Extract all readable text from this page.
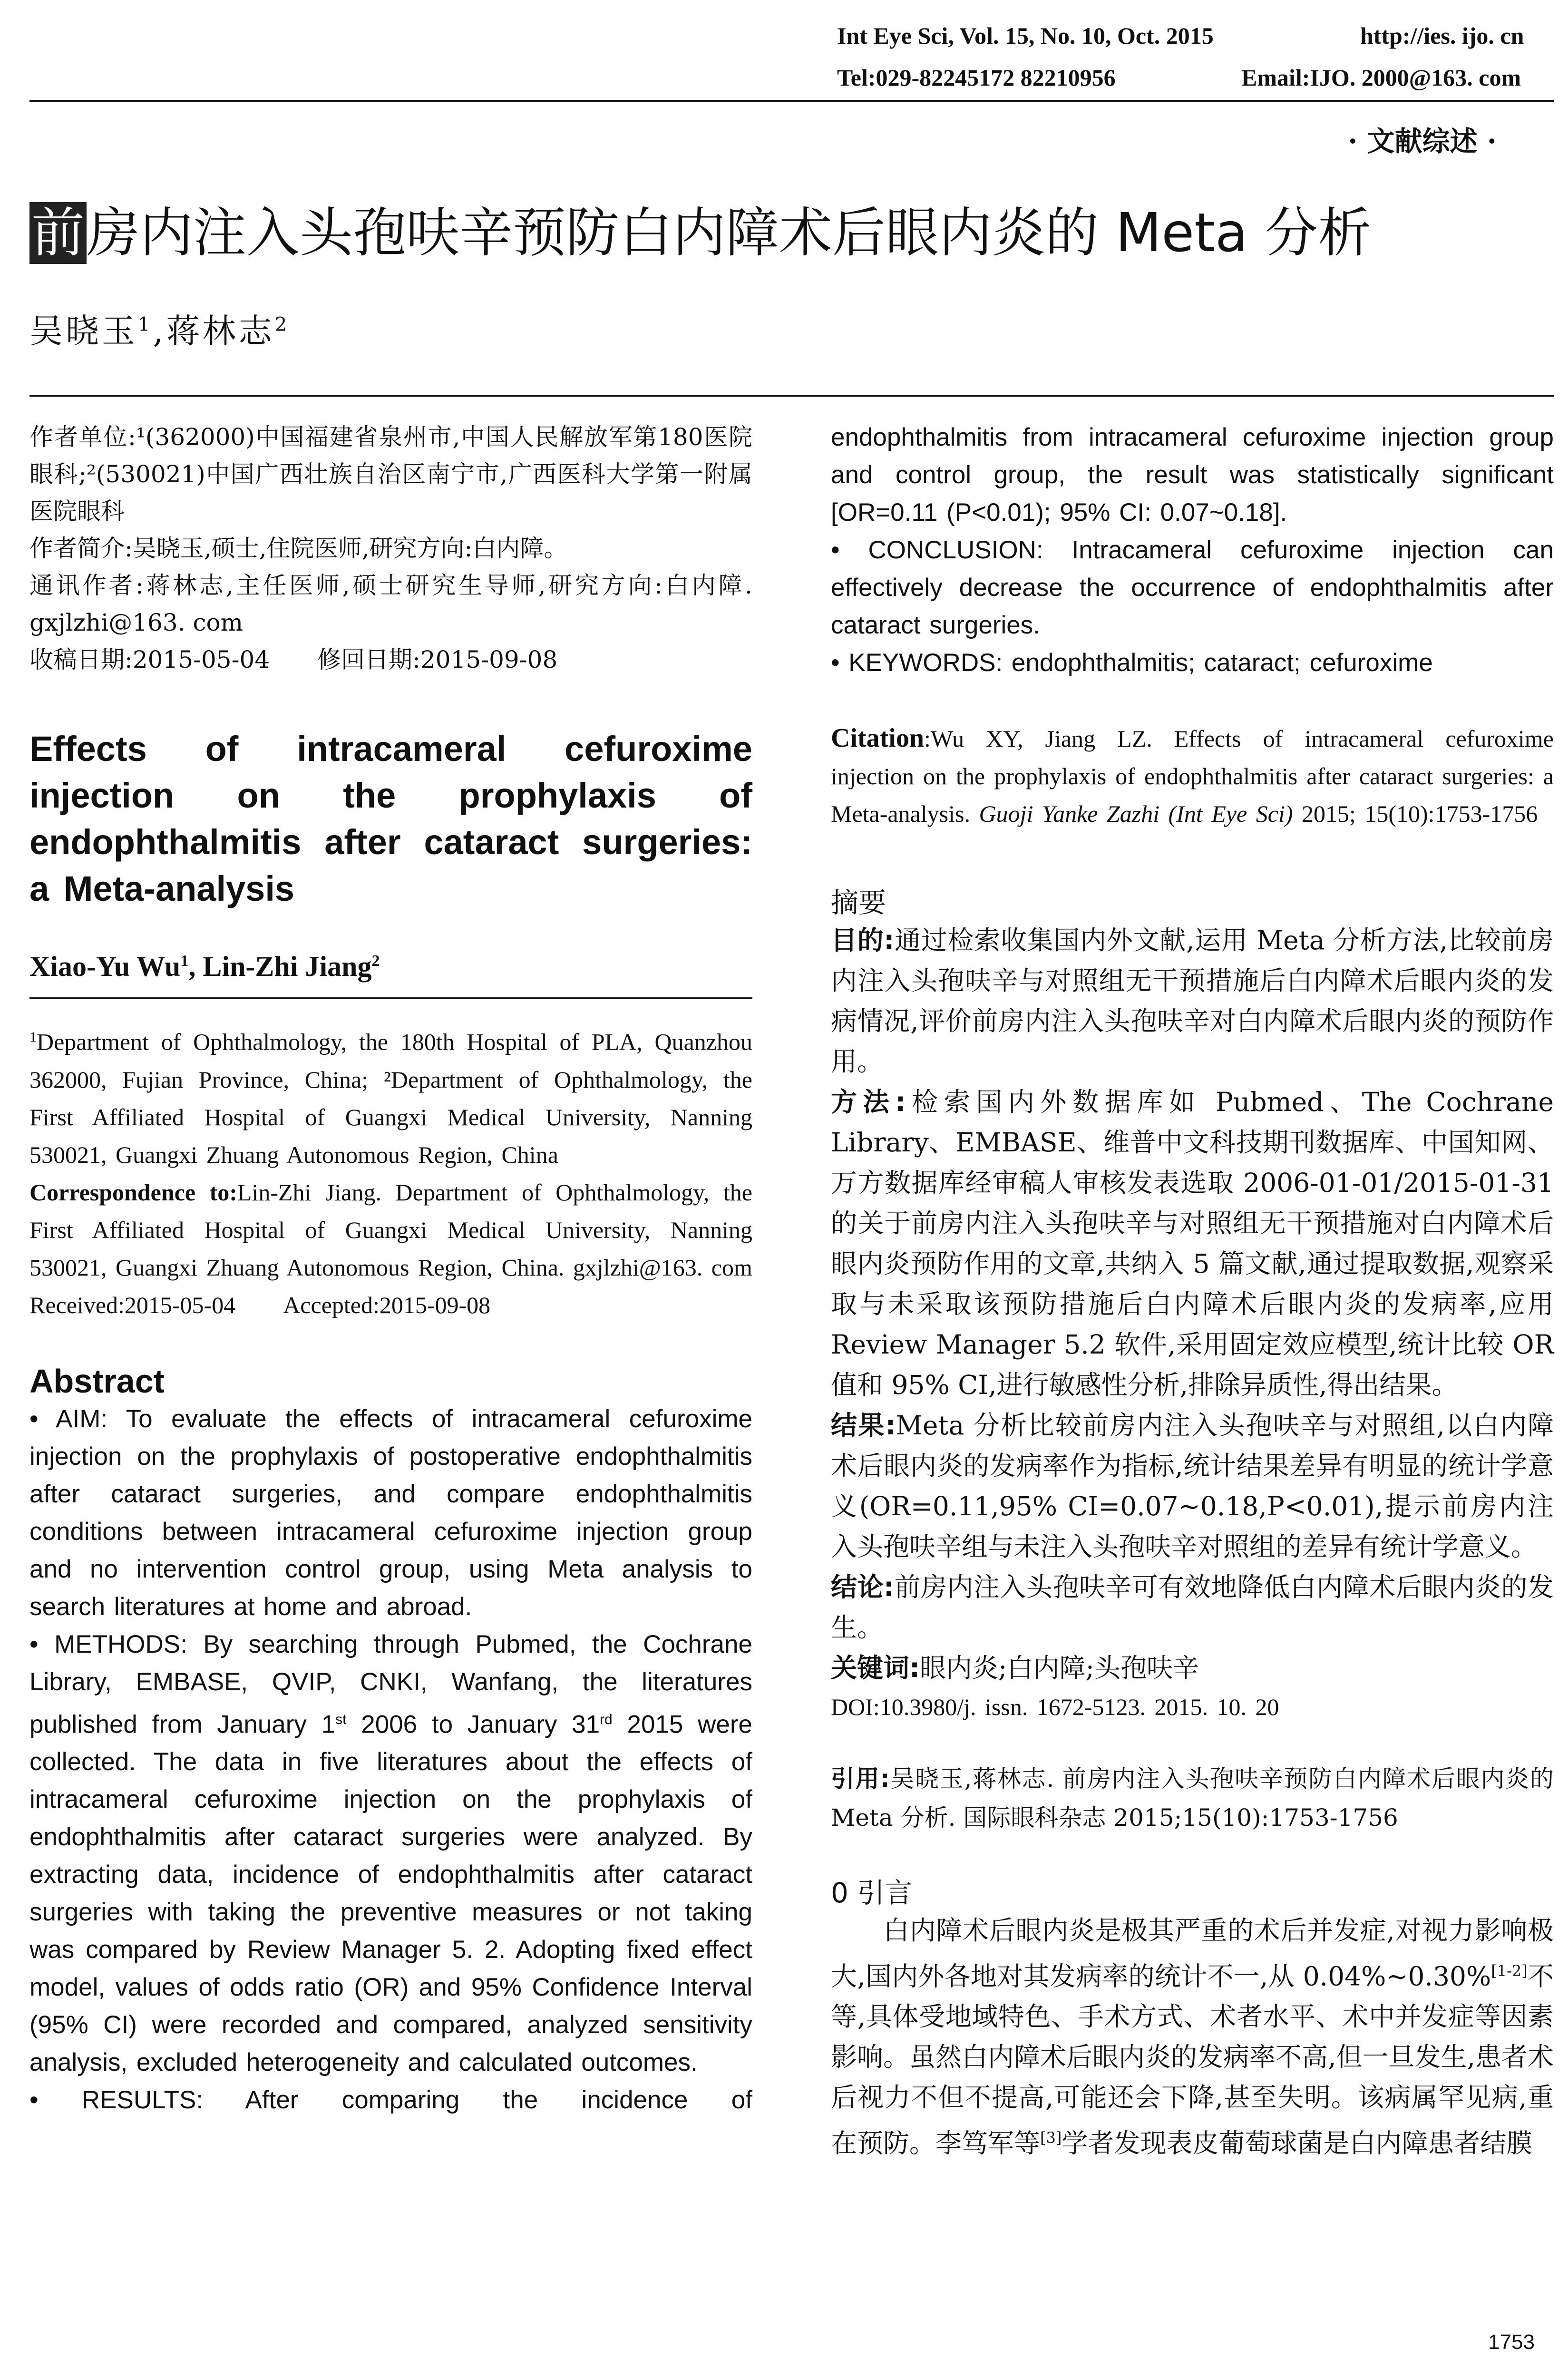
Int Eye Sci, Vol. 15, No. 10, Oct. 2015	http://ies. ijo. cn
Tel:029-82245172 82210956	Email:IJO. 2000@163. com
· 文献综述 ·
前房内注入头孢呋辛预防白内障术后眼内炎的 Meta 分析
吴晓玉$^1$,蒋林志$^2$

作者单位:¹(362000)中国福建省泉州市,中国人民解放军第180医院眼科;²(530021)中国广西壮族自治区南宁市,广西医科大学第一附属医院眼科

作者简介:吴晓玉,硕士,住院医师,研究方向:白内障。

通讯作者:蒋林志,主任医师,硕士研究生导师,研究方向:白内障. gxjlzhi@163. com

收稿日期:2015-05-04　　修回日期:2015-09-08

Effects of intracameral cefuroxime injection on the prophylaxis of endophthalmitis after cataract surgeries: a Meta-analysis

Xiao-Yu Wu$^1$, Lin-Zhi Jiang$^2$

$^1$Department of Ophthalmology, the 180th Hospital of PLA, Quanzhou 362000, Fujian Province, China; ²Department of Ophthalmology, the First Affiliated Hospital of Guangxi Medical University, Nanning 530021, Guangxi Zhuang Autonomous Region, China

Correspondence to:Lin-Zhi Jiang. Department of Ophthalmology, the First Affiliated Hospital of Guangxi Medical University, Nanning 530021, Guangxi Zhuang Autonomous Region, China. gxjlzhi@163. com

Received:2015-05-04　　Accepted:2015-09-08

Abstract

• AIM: To evaluate the effects of intracameral cefuroxime injection on the prophylaxis of postoperative endophthalmitis after cataract surgeries, and compare endophthalmitis conditions between intracameral cefuroxime injection group and no intervention control group, using Meta analysis to search literatures at home and abroad.

• METHODS: By searching through Pubmed, the Cochrane Library, EMBASE, QVIP, CNKI, Wanfang, the literatures published from January 1st 2006 to January 31rd 2015 were collected. The data in five literatures about the effects of intracameral cefuroxime injection on the prophylaxis of endophthalmitis after cataract surgeries were analyzed. By extracting data, incidence of endophthalmitis after cataract surgeries with taking the preventive measures or not taking was compared by Review Manager 5. 2. Adopting fixed effect model, values of odds ratio (OR) and 95% Confidence Interval (95% CI) were recorded and compared, analyzed sensitivity analysis, excluded heterogeneity and calculated outcomes.

• RESULTS: After comparing the incidence of

endophthalmitis from intracameral cefuroxime injection group and control group, the result was statistically significant [OR=0.11 (P<0.01); 95% CI: 0.07~0.18].

• CONCLUSION: Intracameral cefuroxime injection can effectively decrease the occurrence of endophthalmitis after cataract surgeries.

• KEYWORDS: endophthalmitis; cataract; cefuroxime

Citation:Wu XY, Jiang LZ. Effects of intracameral cefuroxime injection on the prophylaxis of endophthalmitis after cataract surgeries: a Meta-analysis. Guoji Yanke Zazhi (Int Eye Sci) 2015; 15(10):1753-1756

摘要

目的:通过检索收集国内外文献,运用 Meta 分析方法,比较前房内注入头孢呋辛与对照组无干预措施后白内障术后眼内炎的发病情况,评价前房内注入头孢呋辛对白内障术后眼内炎的预防作用。

方法:检索国内外数据库如 Pubmed、The Cochrane Library、EMBASE、维普中文科技期刊数据库、中国知网、万方数据库经审稿人审核发表选取 2006-01-01/2015-01-31 的关于前房内注入头孢呋辛与对照组无干预措施对白内障术后眼内炎预防作用的文章,共纳入 5 篇文献,通过提取数据,观察采取与未采取该预防措施后白内障术后眼内炎的发病率,应用 Review Manager 5.2 软件,采用固定效应模型,统计比较 OR 值和 95% CI,进行敏感性分析,排除异质性,得出结果。

结果:Meta 分析比较前房内注入头孢呋辛与对照组,以白内障术后眼内炎的发病率作为指标,统计结果差异有明显的统计学意义(OR=0.11,95% CI=0.07~0.18,P<0.01),提示前房内注入头孢呋辛组与未注入头孢呋辛对照组的差异有统计学意义。

结论:前房内注入头孢呋辛可有效地降低白内障术后眼内炎的发生。

关键词:眼内炎;白内障;头孢呋辛

DOI:10.3980/j. issn. 1672-5123. 2015. 10. 20

引用:吴晓玉,蒋林志. 前房内注入头孢呋辛预防白内障术后眼内炎的 Meta 分析. 国际眼科杂志 2015;15(10):1753-1756

0 引言

白内障术后眼内炎是极其严重的术后并发症,对视力影响极大,国内外各地对其发病率的统计不一,从 0.04%~0.30%[1-2]不等,具体受地域特色、手术方式、术者水平、术中并发症等因素影响。虽然白内障术后眼内炎的发病率不高,但一旦发生,患者术后视力不但不提高,可能还会下降,甚至失明。该病属罕见病,重在预防。李笃军等[3]学者发现表皮葡萄球菌是白内障患者结膜

1753
